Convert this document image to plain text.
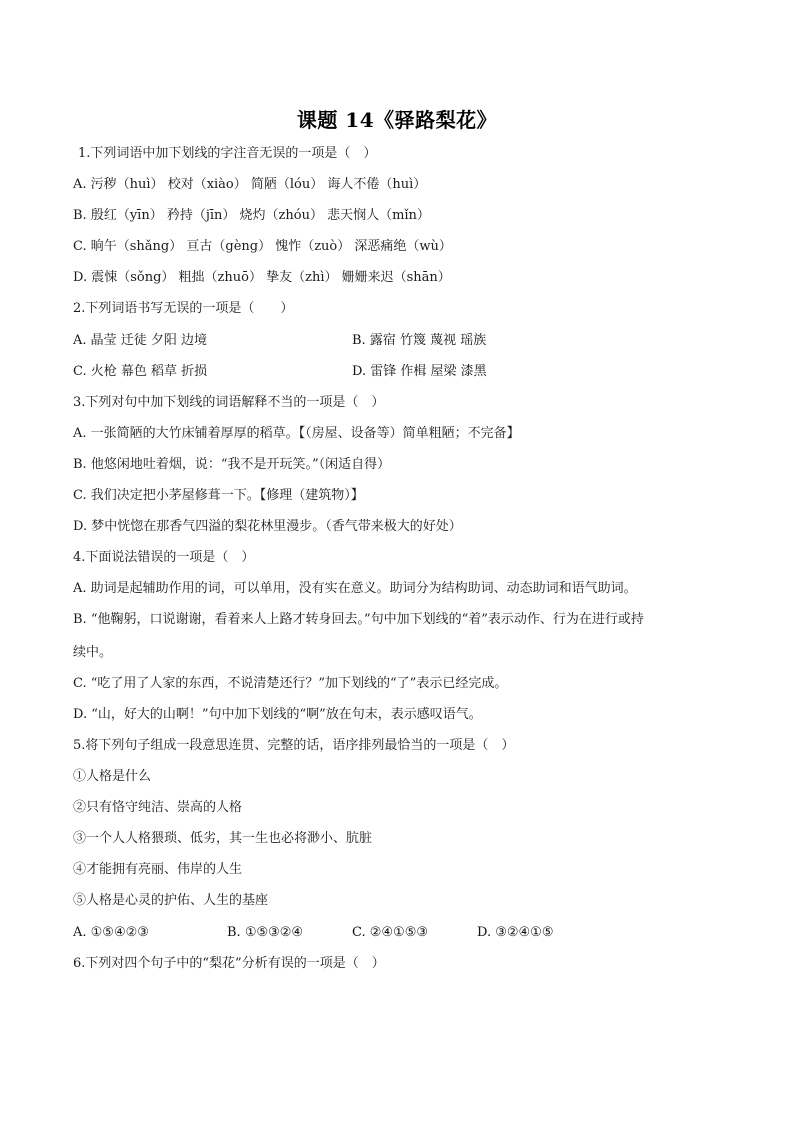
课题 14《驿路梨花》
1.下列词语中加下划线的字注音无误的一项是（　）
A. 污秽（huì） 校对（xiào） 简陋（lóu） 诲人不倦（huì）
B. 殷红（yīn） 矜持（jīn） 烧灼（zhóu） 悲天悯人（mǐn）
C. 晌午（shǎng） 亘古（gèng） 愧怍（zuò） 深恶痛绝（wù）
D. 震悚（sǒng） 粗拙（zhuō） 挚友（zhì） 姗姗来迟（shān）
2.下列词语书写无误的一项是（　　）
A. 晶莹 迁徒 夕阳 边境	B. 露宿 竹篾 蔑视 瑶族
C. 火枪 幕色 稻草 折损	D. 雷锋 作楫 屋梁 漆黑
3.下列对句中加下划线的词语解释不当的一项是（　）
A. 一张简陋的大竹床铺着厚厚的稻草。【（房屋、设备等）简单粗陋；不完备】
B. 他悠闲地吐着烟，说：“我不是开玩笑。”（闲适自得）
C. 我们决定把小茅屋修葺一下。【修理（建筑物）】
D. 梦中恍惚在那香气四溢的梨花林里漫步。（香气带来极大的好处）
4.下面说法错误的一项是（　）
A. 助词是起辅助作用的词，可以单用，没有实在意义。助词分为结构助词、动态助词和语气助词。
B. “他鞠躬，口说谢谢，看着来人上路才转身回去。”句中加下划线的“着”表示动作、行为在进行或持
续中。
C. “吃了用了人家的东西，不说清楚还行？”加下划线的“了”表示已经完成。
D. “山，好大的山啊！”句中加下划线的“啊”放在句末，表示感叹语气。
5.将下列句子组成一段意思连贯、完整的话，语序排列最恰当的一项是（　）
①人格是什么
②只有恪守纯洁、崇高的人格
③一个人人格猥琐、低劣，其一生也必将渺小、肮脏
④才能拥有亮丽、伟岸的人生
⑤人格是心灵的护佑、人生的基座
A. ①⑤④②③	B. ①⑤③②④	C. ②④①⑤③	D. ③②④①⑤
6.下列对四个句子中的“梨花”分析有误的一项是（　）
